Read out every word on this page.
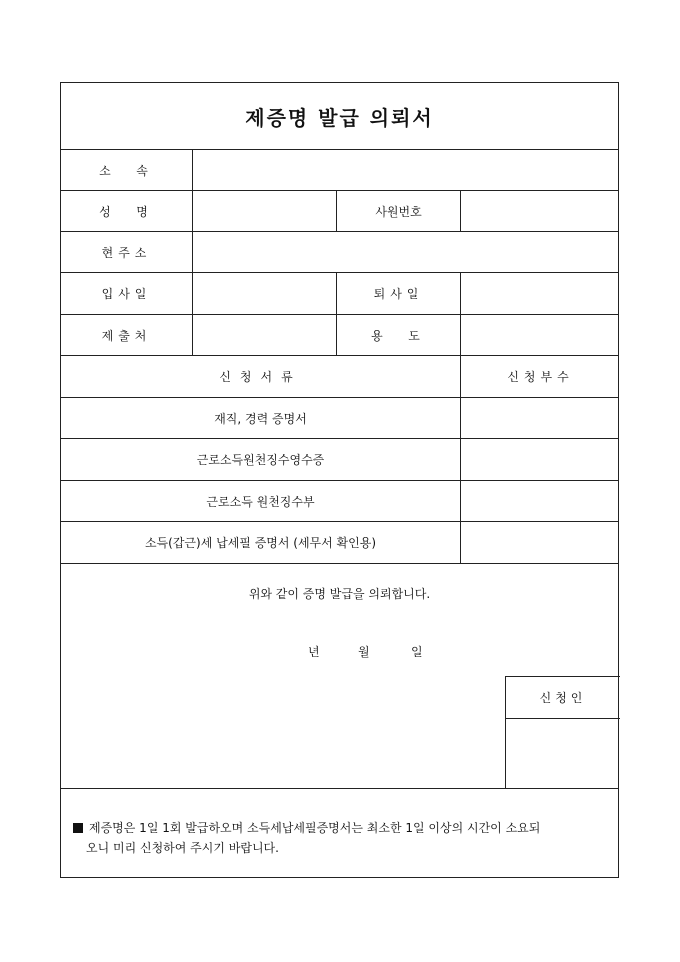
제증명 발급 의뢰서
소  속
성  명	사원번호
현주소
입사일	퇴사일
제출처	용  도
신청서류	신청부수
재직, 경력 증명서
근로소득원천징수영수증
근로소득 원천징수부
소득(갑근)세 납세필 증명서 (세무서 확인용)
위와 같이 증명 발급을 의뢰합니다.
년	월	일
신청인
제증명은 1일 1회 발급하오며 소득세납세필증명서는 최소한 1일 이상의 시간이 소요되
오니 미리 신청하여 주시기 바랍니다.
